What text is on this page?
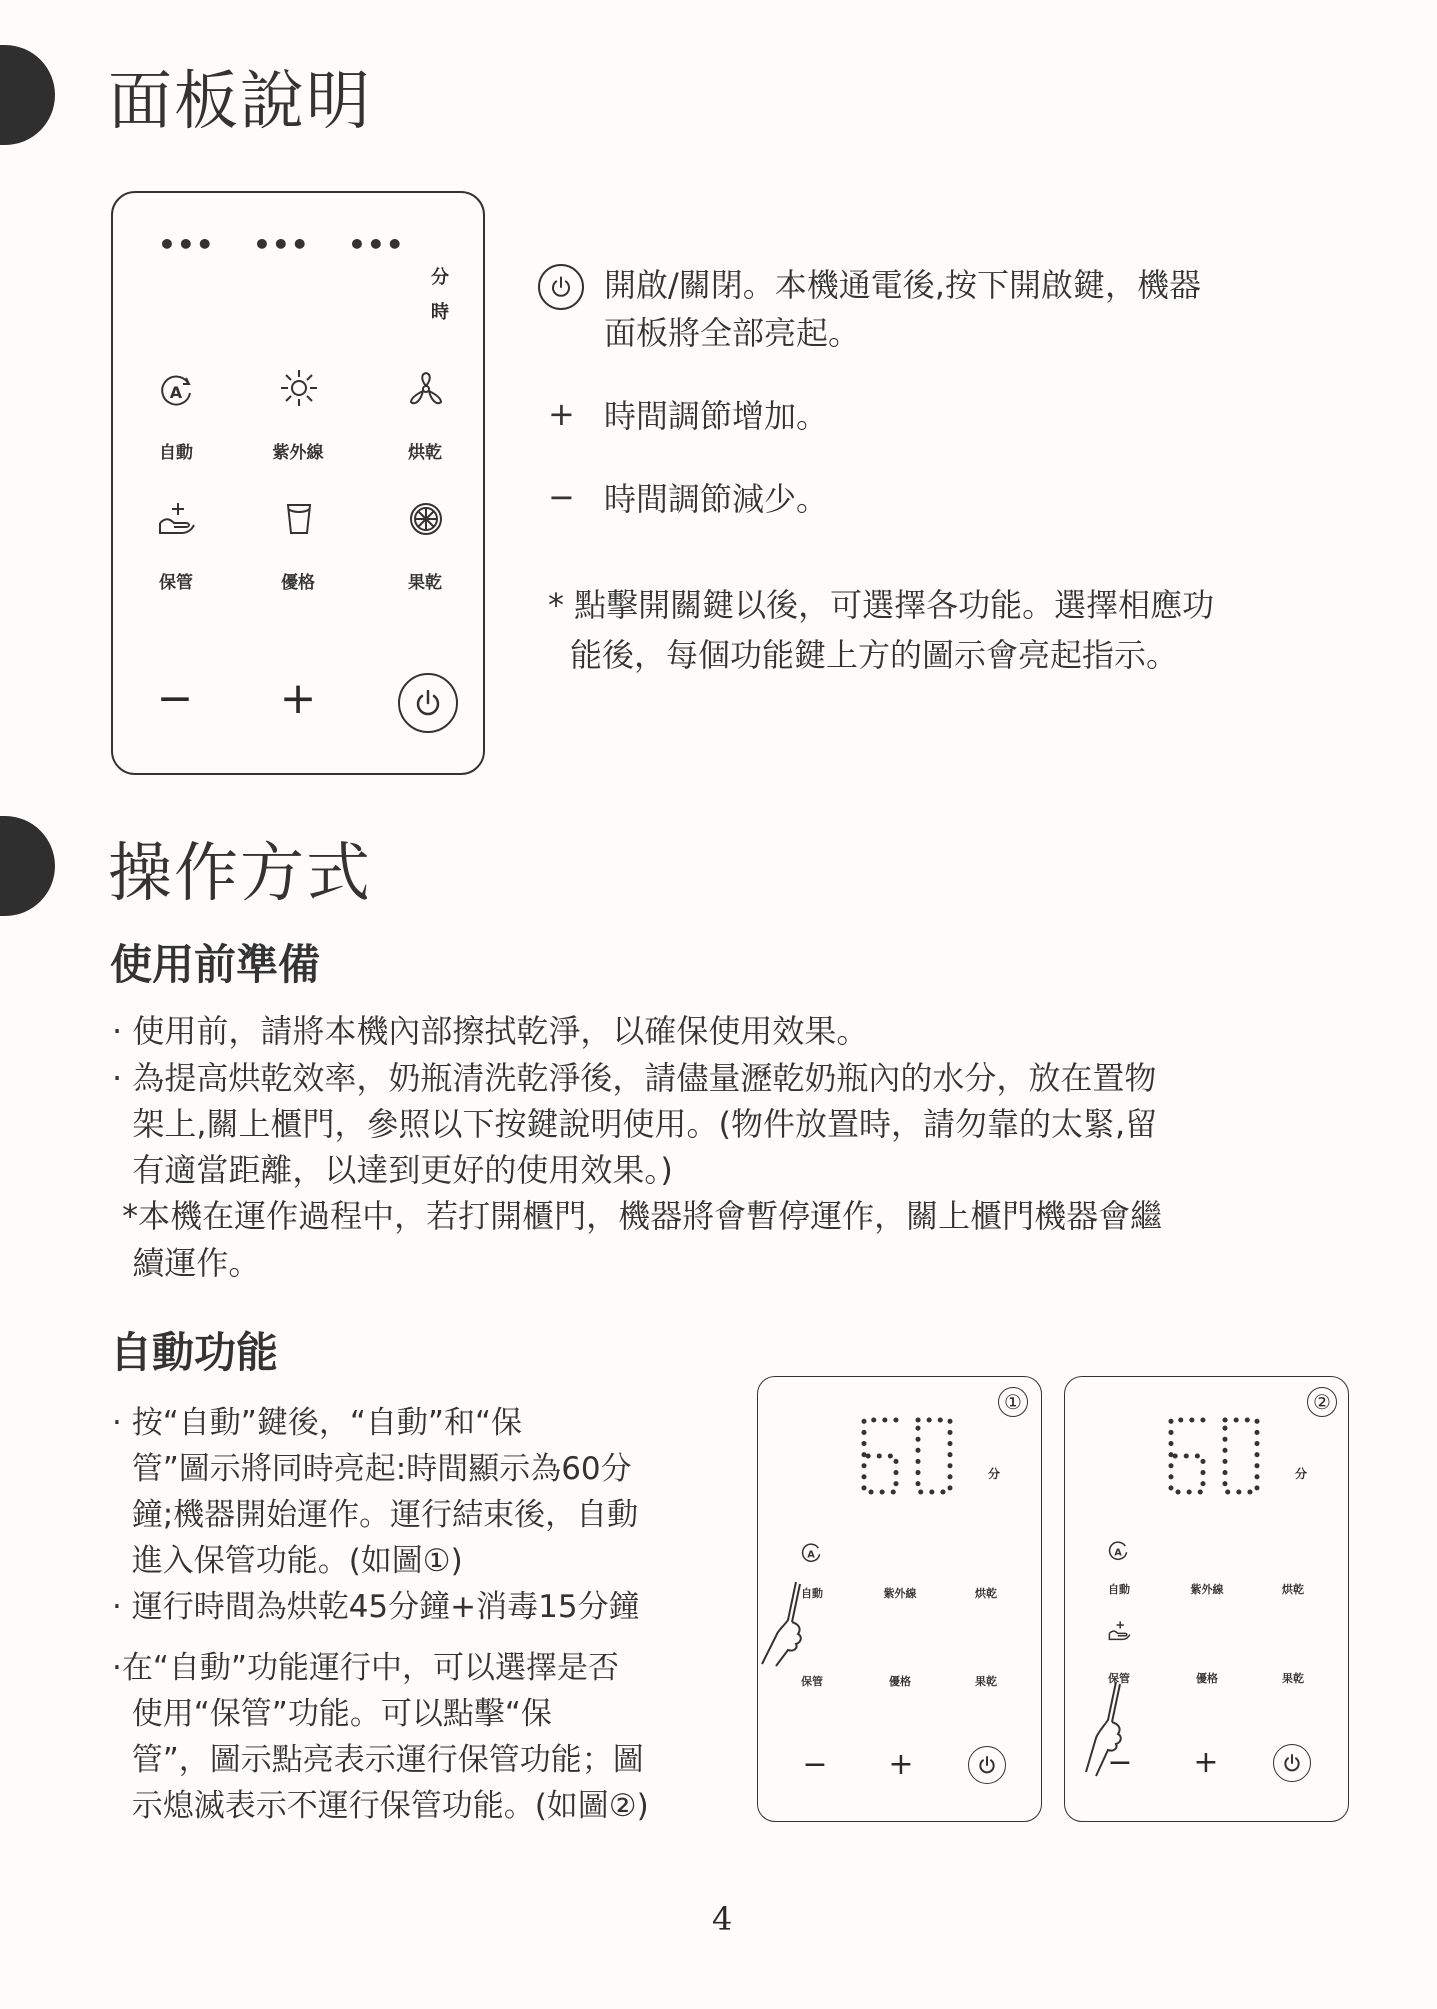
面板說明
••• ••• •••
分
時
A
自動	紫外線	烘乾
保管	優格	果乾
− +
開啟/關閉。本機通電後,按下開啟鍵，機器
面板將全部亮起。
+ 時間調節增加。
− 時間調節減少。
* 點擊開關鍵以後，可選擇各功能。選擇相應功
能後，每個功能鍵上方的圖示會亮起指示。
操作方式
使用前準備
· 使用前，請將本機內部擦拭乾淨，以確保使用效果。
· 為提高烘乾效率，奶瓶清洗乾淨後，請儘量瀝乾奶瓶內的水分，放在置物
架上,關上櫃門，參照以下按鍵說明使用。(物件放置時，請勿靠的太緊,留
有適當距離，以達到更好的使用效果。)
*本機在運作過程中，若打開櫃門，機器將會暫停運作，關上櫃門機器會繼
續運作。
自動功能
· 按“自動”鍵後，“自動”和“保
管”圖示將同時亮起:時間顯示為60分
鐘;機器開始運作。運行結束後，自動
進入保管功能。(如圖①)
· 運行時間為烘乾45分鐘+消毒15分鐘
·在“自動”功能運行中，可以選擇是否
使用“保管”功能。可以點擊“保
管”，圖示點亮表示運行保管功能；圖
示熄滅表示不運行保管功能。(如圖②)
①
分
A
自動	紫外線	烘乾
保管	優格	果乾
− +
②
分
A
自動	紫外線	烘乾
保管	優格	果乾
− +
4
